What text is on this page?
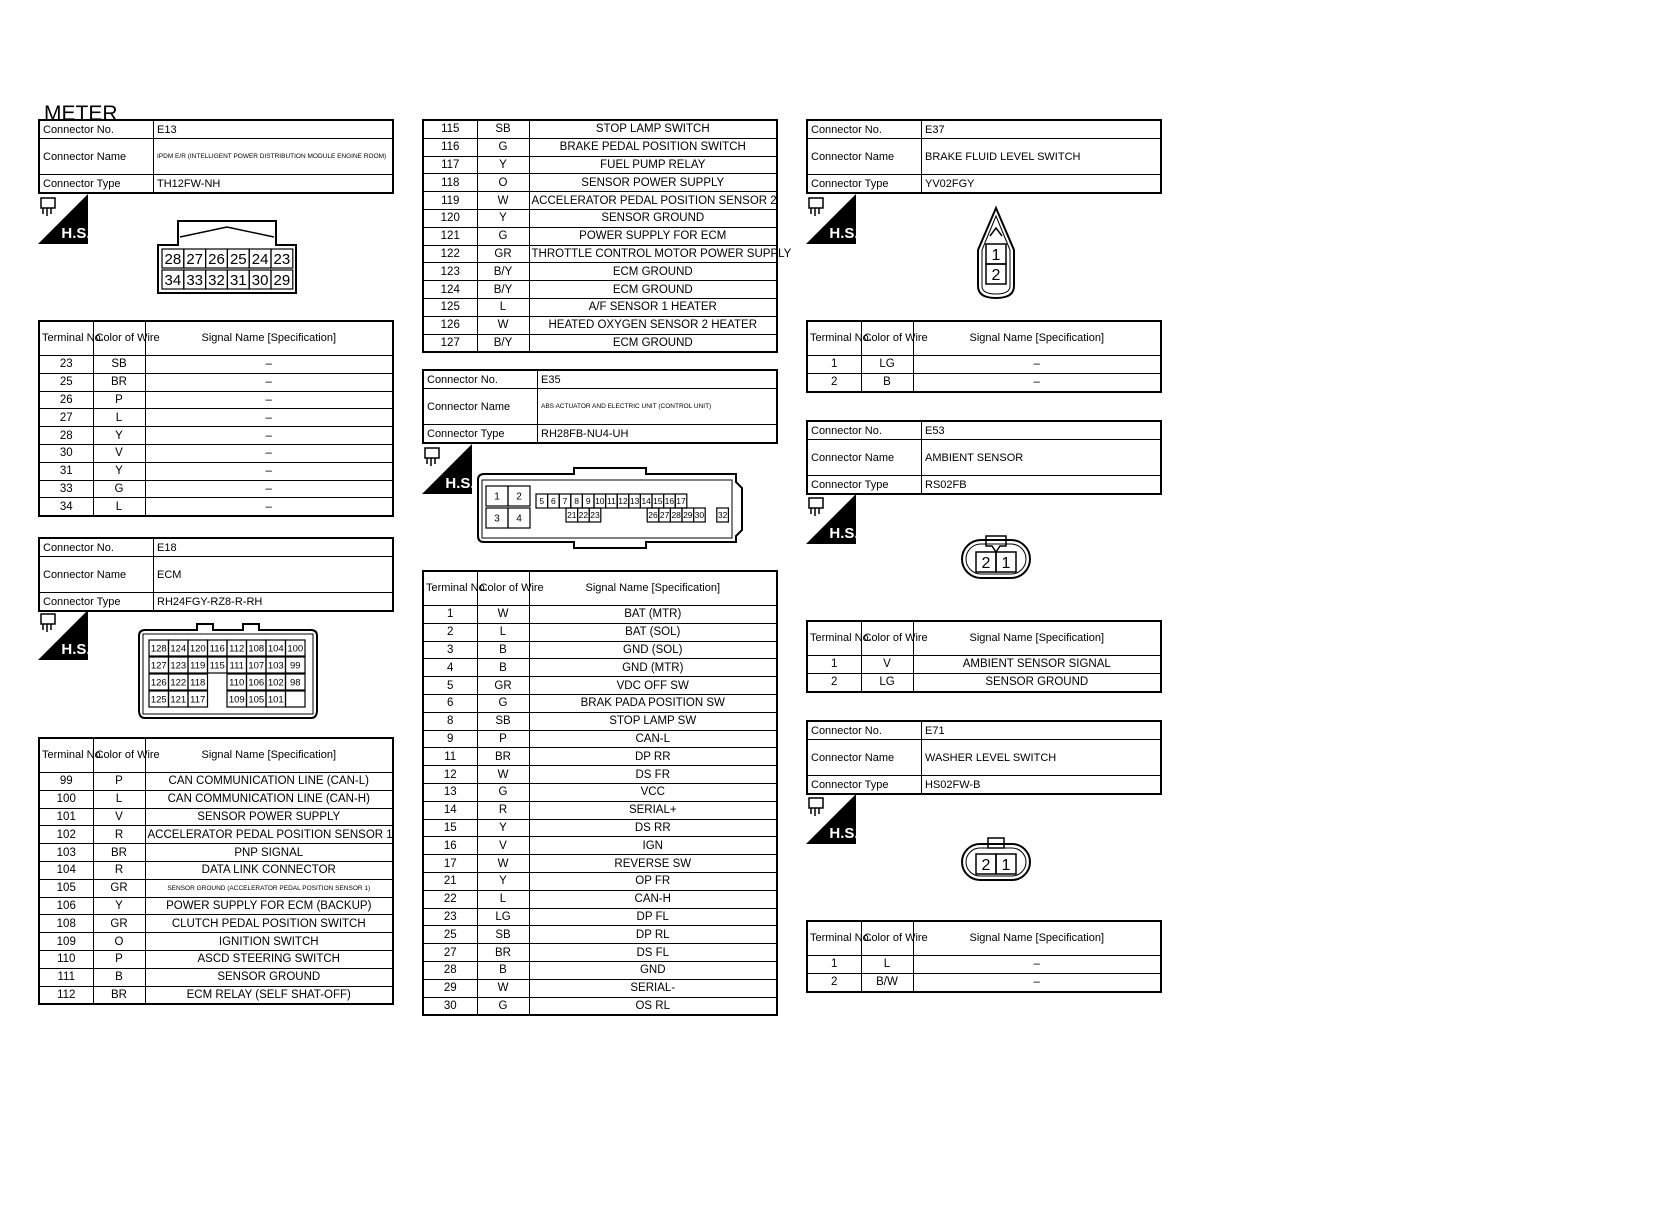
METER
Connector No.	E13
Connector Name	IPDM E/R (INTELLIGENT POWER DISTRIBUTION MODULE ENGINE ROOM)
Connector Type	TH12FW-NH
H.S.
28 27 26 25 24 23
34 33 32 31 30 29
Terminal No.	Color of Wire	Signal Name [Specification]
23	SB	–
25	BR	–
26	P	–
27	L	–
28	Y	–
30	V	–
31	Y	–
33	G	–
34	L	–
Connector No.	E18
Connector Name	ECM
Connector Type	RH24FGY-RZ8-R-RH
H.S.	128 124 120 116 112 108 104 100
127 123 119 115 111 107 103 99
126 122 118	110 106 102 98
125 121 117 109 105 101
Terminal No.	Color of Wire	Signal Name [Specification]
99	P	CAN COMMUNICATION LINE (CAN-L)
100	L	CAN COMMUNICATION LINE (CAN-H)
101	V	SENSOR POWER SUPPLY
102	R	ACCELERATOR PEDAL POSITION SENSOR 1
103	BR	PNP SIGNAL
104	R	DATA LINK CONNECTOR
105	GR	SENSOR GROUND (ACCELERATOR PEDAL POSITION SENSOR 1)
106	Y	POWER SUPPLY FOR ECM (BACKUP)
108	GR	CLUTCH PEDAL POSITION SWITCH
109	O	IGNITION SWITCH
110	P	ASCD STEERING SWITCH
111	B	SENSOR GROUND
112	BR	ECM RELAY (SELF SHAT-OFF)
115	SB	STOP LAMP SWITCH
116	G	BRAKE PEDAL POSITION SWITCH
117	Y	FUEL PUMP RELAY
118	O	SENSOR POWER SUPPLY
119	W	ACCELERATOR PEDAL POSITION SENSOR 2
120	Y	SENSOR GROUND
121	G	POWER SUPPLY FOR ECM
122	GR	THROTTLE CONTROL MOTOR POWER SUPPLY
123	B/Y	ECM GROUND
124	B/Y	ECM GROUND
125	L	A/F SENSOR 1 HEATER
126	W	HEATED OXYGEN SENSOR 2 HEATER
127	B/Y	ECM GROUND
Connector No.	E35
Connector Name	ABS ACTUATOR AND ELECTRIC UNIT (CONTROL UNIT)
Connector Type	RH28FB-NU4-UH
H.S.
1 2
3 4
5 6 7 8 9 10 11 12 13 14 15 16 17
21 22 23	26 27 28 29 30 32
Terminal No.	Color of Wire	Signal Name [Specification]
1	W	BAT (MTR)
2	L	BAT (SOL)
3	B	GND (SOL)
4	B	GND (MTR)
5	GR	VDC OFF SW
6	G	BRAK PADA POSITION SW
8	SB	STOP LAMP SW
9	P	CAN-L
11	BR	DP RR
12	W	DS FR
13	G	VCC
14	R	SERIAL+
15	Y	DS RR
16	V	IGN
17	W	REVERSE SW
21	Y	OP FR
22	L	CAN-H
23	LG	DP FL
25	SB	DP RL
27	BR	DS FL
28	B	GND
29	W	SERIAL-
30	G	OS RL
Connector No.	E37
Connector Name	BRAKE FLUID LEVEL SWITCH
Connector Type	YV02FGY
H.S.
1
2
Terminal No.	Color of Wire	Signal Name [Specification]
1	LG	–
2	B	–
Connector No.	E53
Connector Name	AMBIENT SENSOR
Connector Type	RS02FB
H.S.
2 1
Terminal No.	Color of Wire	Signal Name [Specification]
1	V	AMBIENT SENSOR SIGNAL
2	LG	SENSOR GROUND
Connector No.	E71
Connector Name	WASHER LEVEL SWITCH
Connector Type	HS02FW-B
H.S.
2 1
Terminal No.	Color of Wire	Signal Name [Specification]
1	L	–
2	B/W	–
